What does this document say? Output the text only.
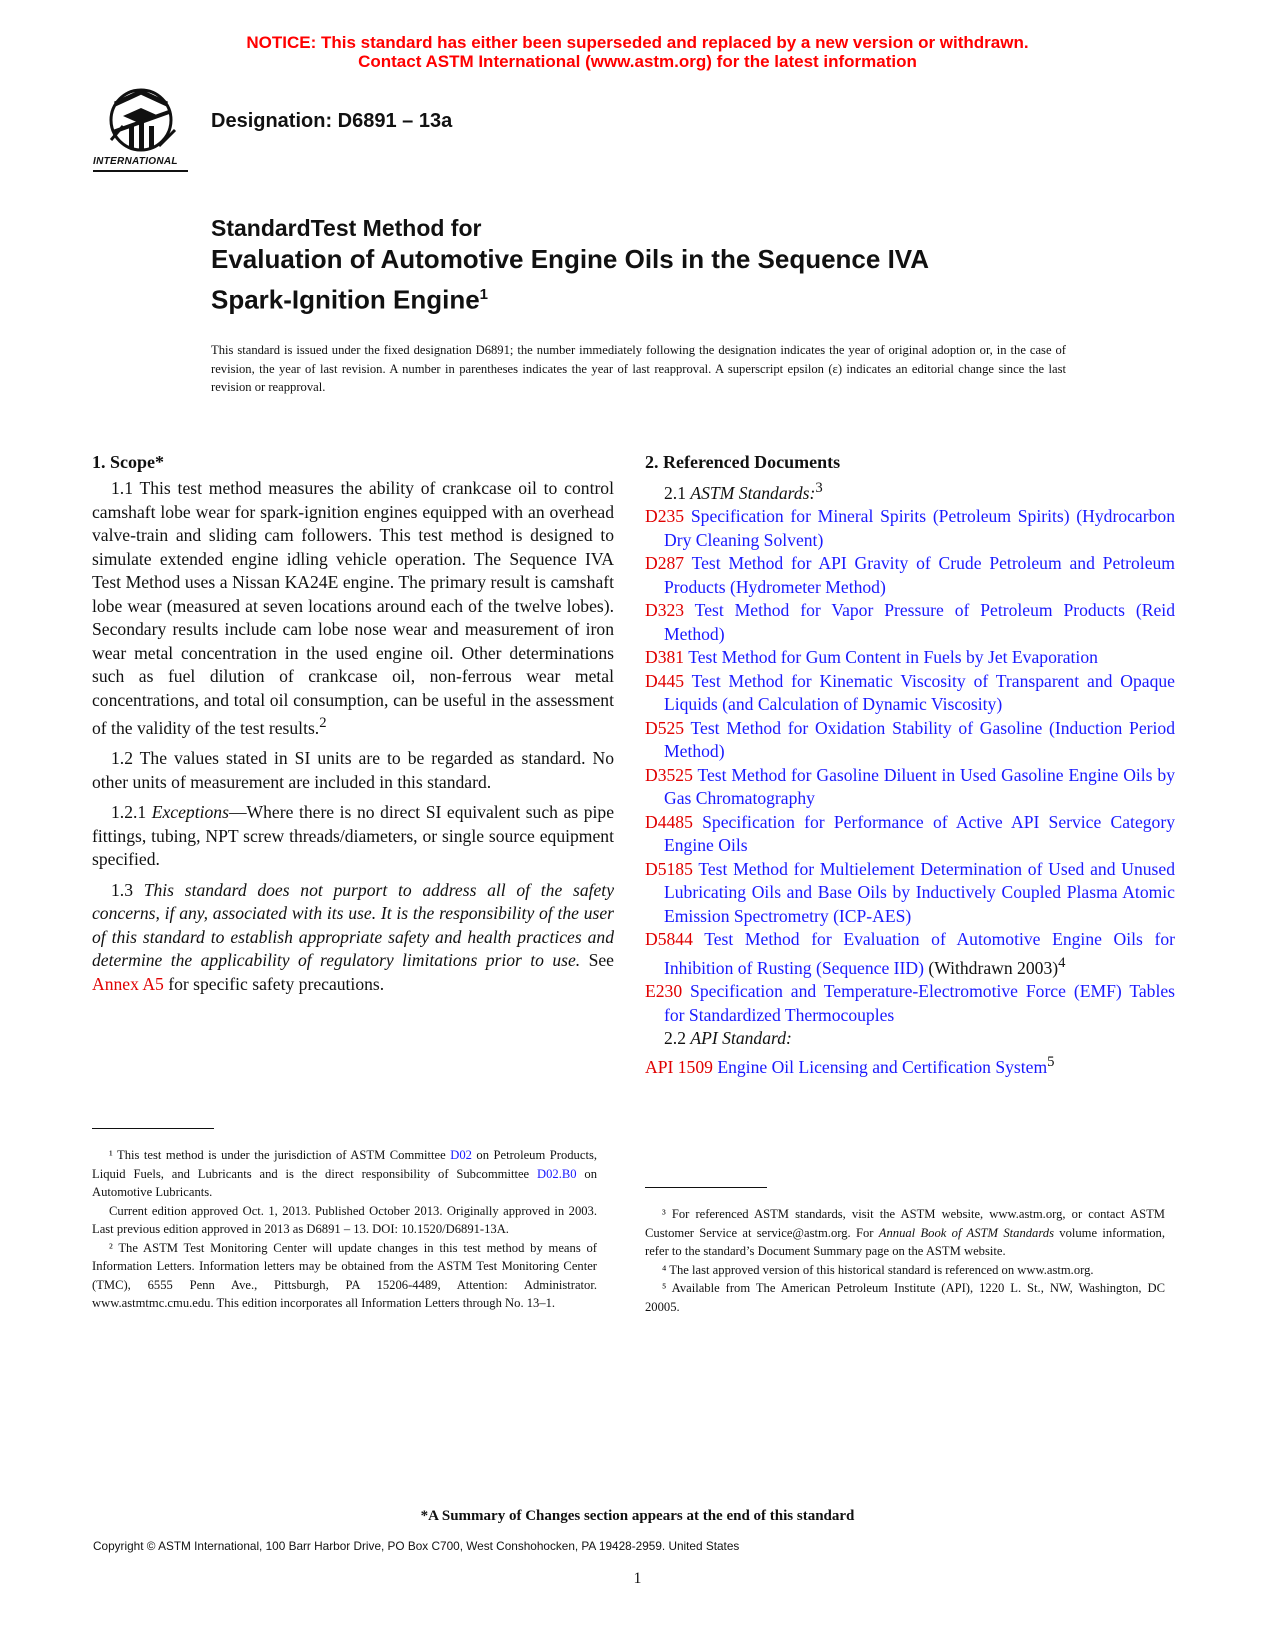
NOTICE: This standard has either been superseded and replaced by a new version or withdrawn.
Contact ASTM International (www.astm.org) for the latest information
INTERNATIONAL
Designation: D6891 – 13a
StandardTest Method for
Evaluation of Automotive Engine Oils in the Sequence IVA
Spark-Ignition Engine$^1$
This standard is issued under the fixed designation D6891; the number immediately following the designation indicates the year of original adoption or, in the case of revision, the year of last revision. A number in parentheses indicates the year of last reapproval. A superscript epsilon (ε) indicates an editorial change since the last revision or reapproval.
1. Scope*

1.1 This test method measures the ability of crankcase oil to control camshaft lobe wear for spark-ignition engines equipped with an overhead valve-train and sliding cam followers. This test method is designed to simulate extended engine idling vehicle operation. The Sequence IVA Test Method uses a Nissan KA24E engine. The primary result is camshaft lobe wear (measured at seven locations around each of the twelve lobes). Secondary results include cam lobe nose wear and measurement of iron wear metal concentration in the used engine oil. Other determinations such as fuel dilution of crankcase oil, non-ferrous wear metal concentrations, and total oil consumption, can be useful in the assessment of the validity of the test results.$^2$

1.2 The values stated in SI units are to be regarded as standard. No other units of measurement are included in this standard.

1.2.1 Exceptions—Where there is no direct SI equivalent such as pipe fittings, tubing, NPT screw threads/diameters, or single source equipment specified.

1.3 This standard does not purport to address all of the safety concerns, if any, associated with its use. It is the responsibility of the user of this standard to establish appropriate safety and health practices and determine the applicability of regulatory limitations prior to use. See Annex A5 for specific safety precautions.

2. Referenced Documents

2.1 ASTM Standards:$^3$

D235 Specification for Mineral Spirits (Petroleum Spirits) (Hydrocarbon Dry Cleaning Solvent)
D287 Test Method for API Gravity of Crude Petroleum and Petroleum Products (Hydrometer Method)
D323 Test Method for Vapor Pressure of Petroleum Products (Reid Method)
D381 Test Method for Gum Content in Fuels by Jet Evaporation
D445 Test Method for Kinematic Viscosity of Transparent and Opaque Liquids (and Calculation of Dynamic Viscosity)
D525 Test Method for Oxidation Stability of Gasoline (Induction Period Method)
D3525 Test Method for Gasoline Diluent in Used Gasoline Engine Oils by Gas Chromatography
D4485 Specification for Performance of Active API Service Category Engine Oils
D5185 Test Method for Multielement Determination of Used and Unused Lubricating Oils and Base Oils by Inductively Coupled Plasma Atomic Emission Spectrometry (ICP-AES)
D5844 Test Method for Evaluation of Automotive Engine Oils for Inhibition of Rusting (Sequence IID) (Withdrawn 2003)$^4$
E230 Specification and Temperature-Electromotive Force (EMF) Tables for Standardized Thermocouples

2.2 API Standard:

API 1509 Engine Oil Licensing and Certification System$^5$

¹ This test method is under the jurisdiction of ASTM Committee D02 on Petroleum Products, Liquid Fuels, and Lubricants and is the direct responsibility of Subcommittee D02.B0 on Automotive Lubricants.

Current edition approved Oct. 1, 2013. Published October 2013. Originally approved in 2003. Last previous edition approved in 2013 as D6891 – 13. DOI: 10.1520/D6891-13A.

² The ASTM Test Monitoring Center will update changes in this test method by means of Information Letters. Information letters may be obtained from the ASTM Test Monitoring Center (TMC), 6555 Penn Ave., Pittsburgh, PA 15206-4489, Attention: Administrator. www.astmtmc.cmu.edu. This edition incorporates all Information Letters through No. 13–1.

³ For referenced ASTM standards, visit the ASTM website, www.astm.org, or contact ASTM Customer Service at service@astm.org. For Annual Book of ASTM Standards volume information, refer to the standard’s Document Summary page on the ASTM website.

⁴ The last approved version of this historical standard is referenced on www.astm.org.

⁵ Available from The American Petroleum Institute (API), 1220 L. St., NW, Washington, DC 20005.

*A Summary of Changes section appears at the end of this standard
Copyright © ASTM International, 100 Barr Harbor Drive, PO Box C700, West Conshohocken, PA 19428-2959. United States
1
